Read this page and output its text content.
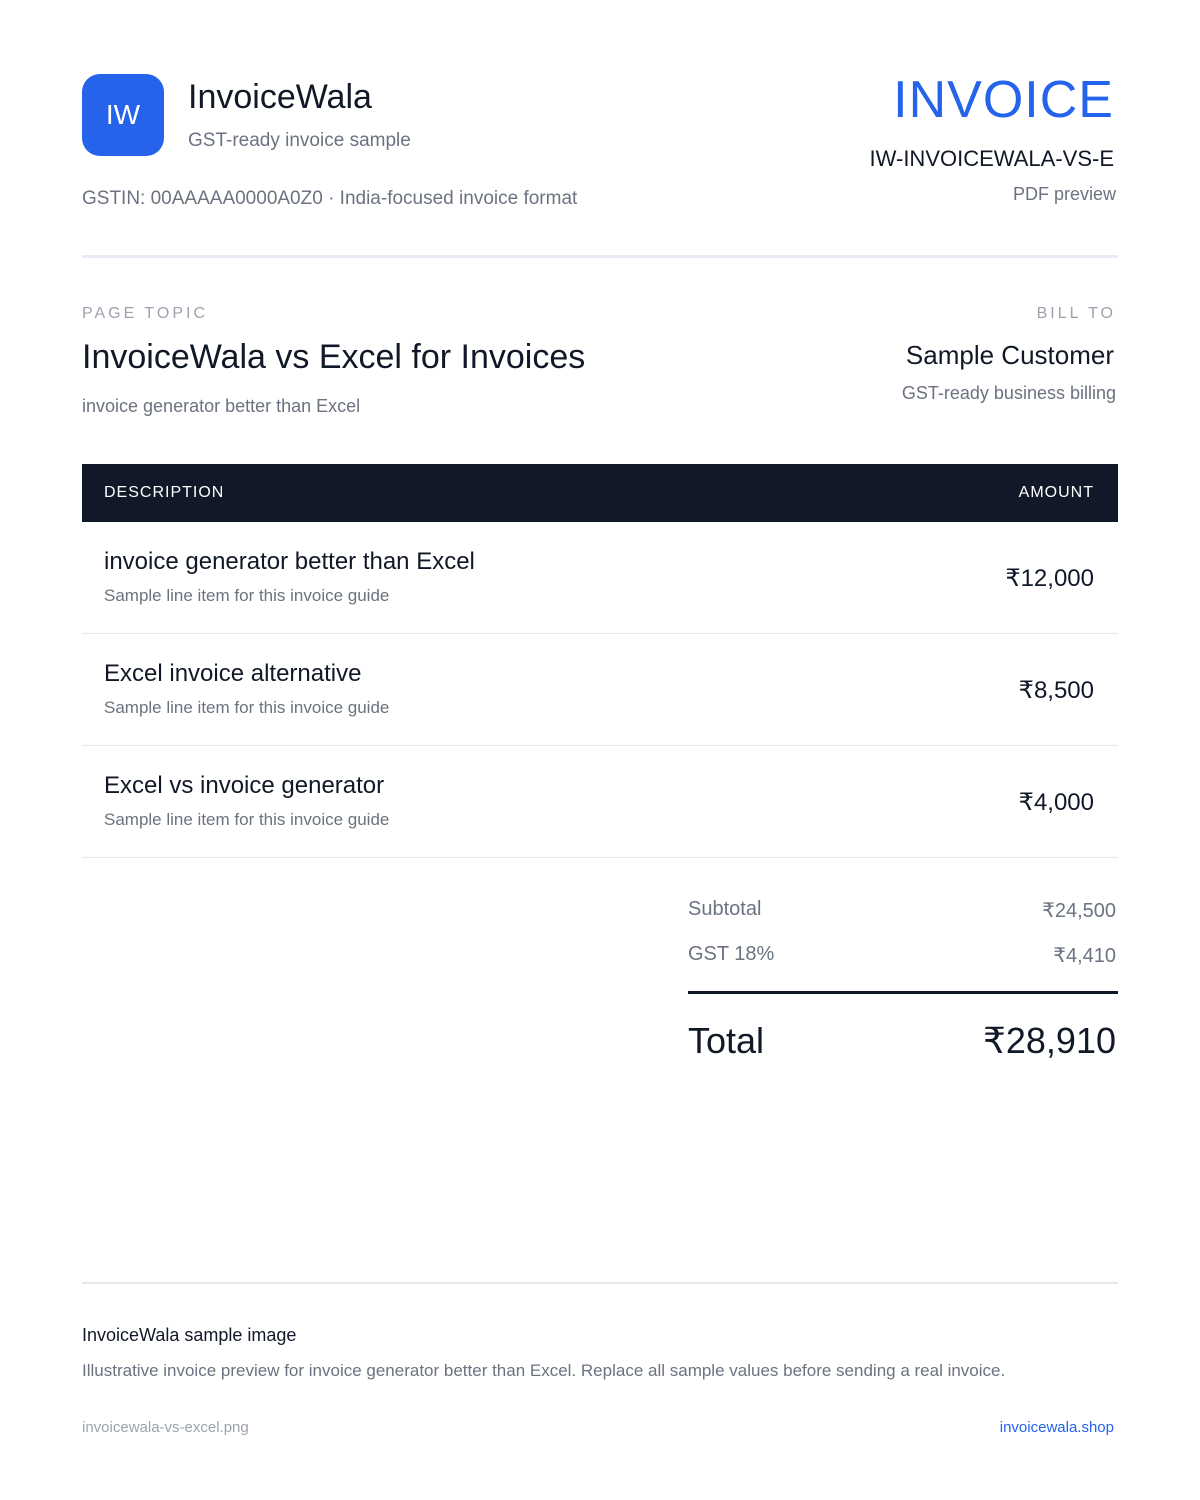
IW InvoiceWala
GST-ready invoice sample
GSTIN: 00AAAAA0000A0Z0 · India-focused invoice format
INVOICE
IW-INVOICEWALA-VS-E
PDF preview
PAGE TOPIC
InvoiceWala vs Excel for Invoices
invoice generator better than Excel
BILL TO
Sample Customer
GST-ready business billing
DESCRIPTION	AMOUNT
invoice generator better than Excel
Sample line item for this invoice guide
₹12,000
Excel invoice alternative
Sample line item for this invoice guide
₹8,500
Excel vs invoice generator
Sample line item for this invoice guide
₹4,000
Subtotal	₹24,500
GST 18%	₹4,410
Total	₹28,910
InvoiceWala sample image
Illustrative invoice preview for invoice generator better than Excel. Replace all sample values before sending a real invoice.
invoicewala-vs-excel.png	invoicewala.shop
